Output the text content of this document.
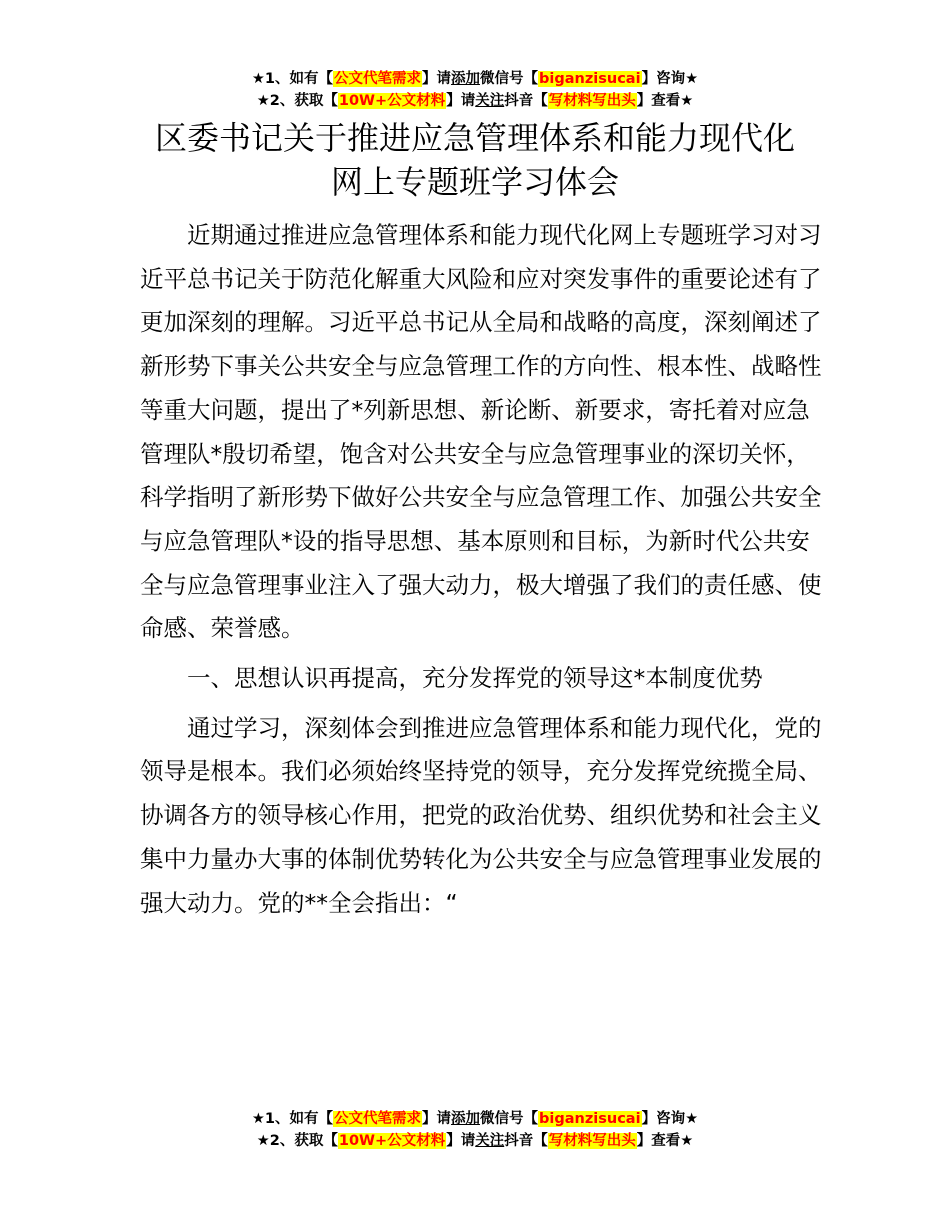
★1、如有【公文代笔需求】请添加微信号【biganzisucai】咨询★
★2、获取【10W+公文材料】请关注抖音【写材料写出头】查看★
区委书记关于推进应急管理体系和能力现代化
网上专题班学习体会

近期通过推进应急管理体系和能力现代化网上专题班学习对习近平总书记关于防范化解重大风险和应对突发事件的重要论述有了更加深刻的理解。习近平总书记从全局和战略的高度，深刻阐述了新形势下事关公共安全与应急管理工作的方向性、根本性、战略性等重大问题，提出了*列新思想、新论断、新要求，寄托着对应急管理队*殷切希望，饱含对公共安全与应急管理事业的深切关怀，科学指明了新形势下做好公共安全与应急管理工作、加强公共安全与应急管理队*设的指导思想、基本原则和目标，为新时代公共安全与应急管理事业注入了强大动力，极大增强了我们的责任感、使命感、荣誉感。

一、思想认识再提高，充分发挥党的领导这*本制度优势

通过学习，深刻体会到推进应急管理体系和能力现代化，党的领导是根本。我们必须始终坚持党的领导，充分发挥党统揽全局、协调各方的领导核心作用，把党的政治优势、组织优势和社会主义集中力量办大事的体制优势转化为公共安全与应急管理事业发展的强大动力。党的**全会指出：“

★1、如有【公文代笔需求】请添加微信号【biganzisucai】咨询★
★2、获取【10W+公文材料】请关注抖音【写材料写出头】查看★
